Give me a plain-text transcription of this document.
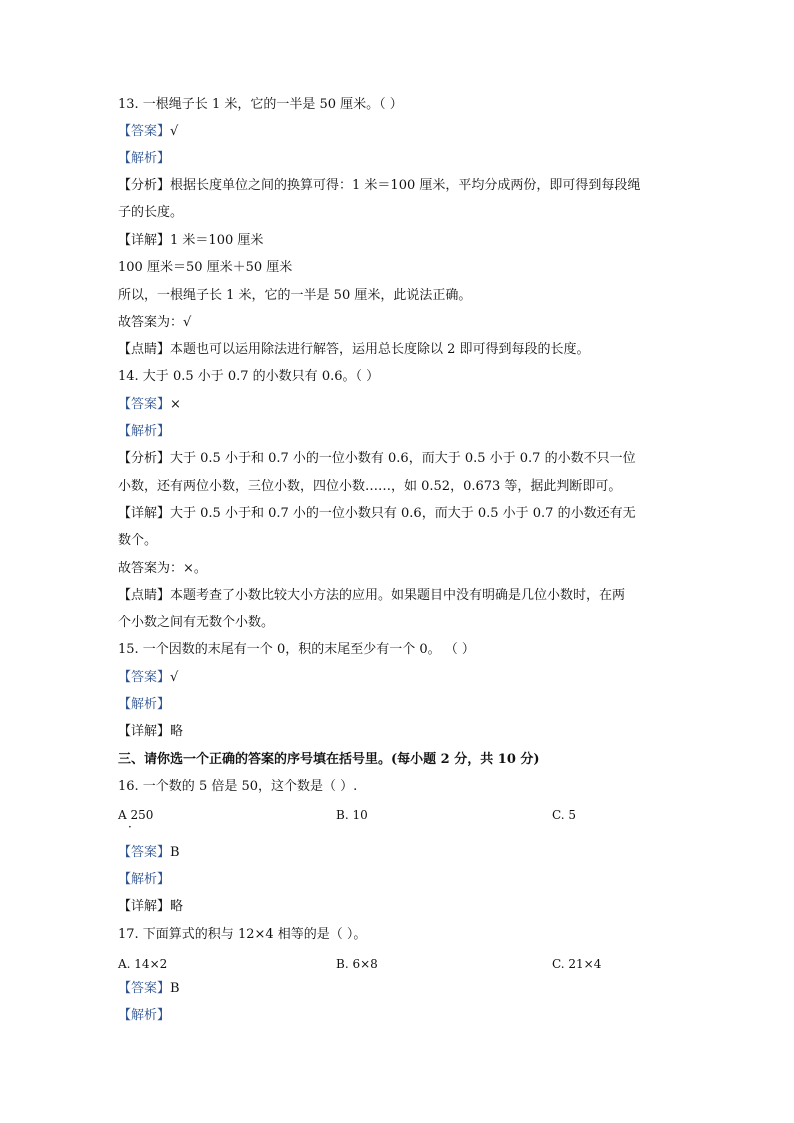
13. 一根绳子长 1 米，它的一半是 50 厘米。（ ）
【答案】√
【解析】
【分析】根据长度单位之间的换算可得：1 米＝100 厘米，平均分成两份，即可得到每段绳
子的长度。
【详解】1 米＝100 厘米
100 厘米＝50 厘米＋50 厘米
所以，一根绳子长 1 米，它的一半是 50 厘米，此说法正确。
故答案为：√
【点睛】本题也可以运用除法进行解答，运用总长度除以 2 即可得到每段的长度。
14. 大于 0.5 小于 0.7 的小数只有 0.6。（ ）
【答案】×
【解析】
【分析】大于 0.5 小于和 0.7 小的一位小数有 0.6，而大于 0.5 小于 0.7 的小数不只一位
小数，还有两位小数，三位小数，四位小数……，如 0.52，0.673 等，据此判断即可。
【详解】大于 0.5 小于和 0.7 小的一位小数只有 0.6，而大于 0.5 小于 0.7 的小数还有无
数个。
故答案为：×。
【点睛】本题考查了小数比较大小方法的应用。如果题目中没有明确是几位小数时，在两
个小数之间有无数个小数。
15. 一个因数的末尾有一个 0，积的末尾至少有一个 0。 （ ）
【答案】√
【解析】
【详解】略
三、请你选一个正确的答案的序号填在括号里。(每小题 2 分，共 10 分)
16. 一个数的 5 倍是 50，这个数是（ ）.
A 250	B. 10	C. 5
·
【答案】B
【解析】
【详解】略
17. 下面算式的积与 12×4 相等的是（ ）。
A. 14×2	B. 6×8	C. 21×4
【答案】B
【解析】
